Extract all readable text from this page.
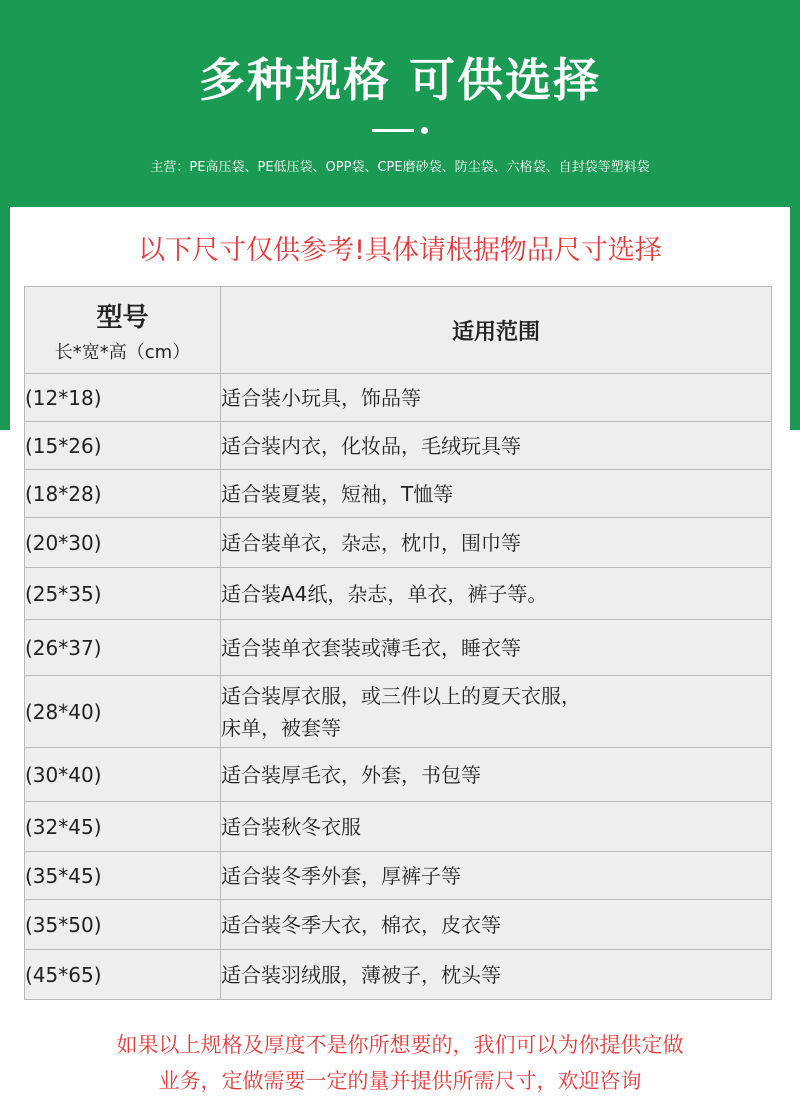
多种规格 可供选择
主营：PE高压袋、PE低压袋、OPP袋、CPE磨砂袋、防尘袋、六格袋、自封袋等塑料袋
以下尺寸仅供参考!具体请根据物品尺寸选择
型号
长*宽*高（cm）	适用范围
(12*18)	适合装小玩具，饰品等
(15*26)	适合装内衣，化妆品，毛绒玩具等
(18*28)	适合装夏装，短袖，T恤等
(20*30)	适合装单衣，杂志，枕巾，围巾等
(25*35)	适合装A4纸，杂志，单衣，裤子等。
(26*37)	适合装单衣套装或薄毛衣，睡衣等
(28*40)	适合装厚衣服，或三件以上的夏天衣服，
床单，被套等

(30*40)	适合装厚毛衣，外套，书包等
(32*45)	适合装秋冬衣服
(35*45)	适合装冬季外套，厚裤子等
(35*50)	适合装冬季大衣，棉衣，皮衣等
(45*65)	适合装羽绒服，薄被子，枕头等
如果以上规格及厚度不是你所想要的，我们可以为你提供定做
业务，定做需要一定的量并提供所需尺寸，欢迎咨询
